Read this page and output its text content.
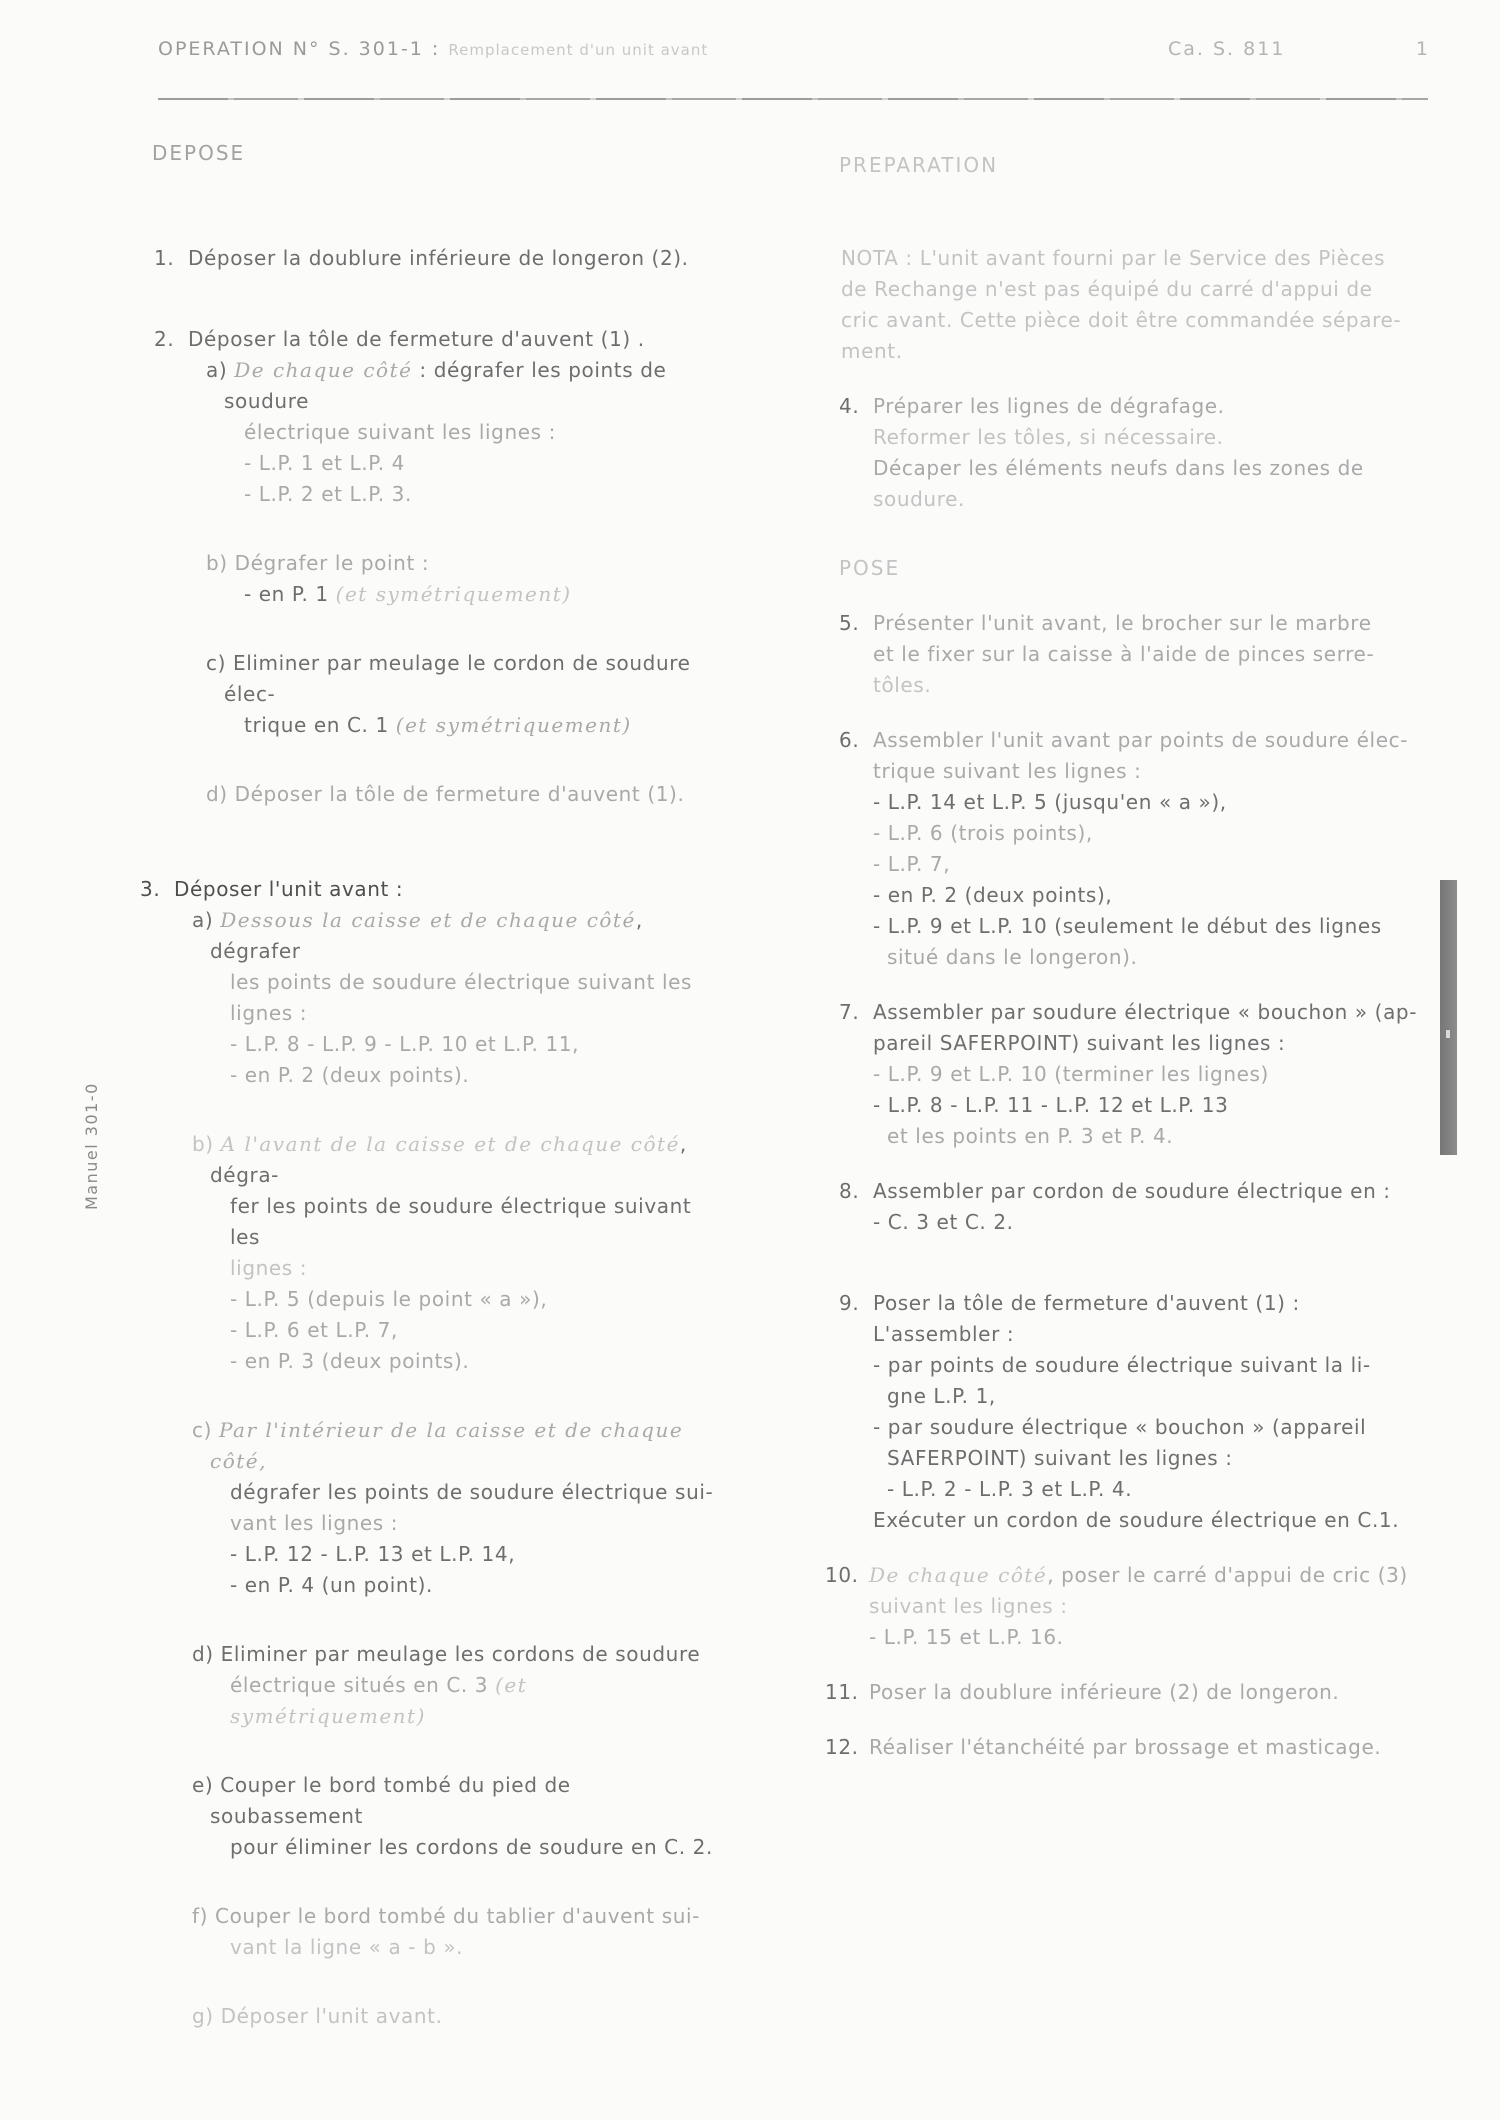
OPERATION N° S. 301-1 : Remplacement d'un unit avant	Ca. S. 811	1
Manuel 301-0

DEPOSE

1. Déposer la doublure inférieure de longeron (2).

2. Déposer la tôle de fermeture d'auvent (1) .

a) De chaque côté : dégrafer les points de soudure

électrique suivant les lignes :

- L.P. 1 et L.P. 4

- L.P. 2 et L.P. 3.

b) Dégrafer le point :

- en P. 1 (et symétriquement)

c) Eliminer par meulage le cordon de soudure élec-

trique en C. 1 (et symétriquement)

d) Déposer la tôle de fermeture d'auvent (1).

3. Déposer l'unit avant :

a) Dessous la caisse et de chaque côté, dégrafer

les points de soudure électrique suivant les

lignes :

- L.P. 8 - L.P. 9 - L.P. 10 et L.P. 11,

- en P. 2 (deux points).

b) A l'avant de la caisse et de chaque côté, dégra-

fer les points de soudure électrique suivant les

lignes :

- L.P. 5 (depuis le point « a »),

- L.P. 6 et L.P. 7,

- en P. 3 (deux points).

c) Par l'intérieur de la caisse et de chaque côté,

dégrafer les points de soudure électrique sui-

vant les lignes :

- L.P. 12 - L.P. 13 et L.P. 14,

- en P. 4 (un point).

d) Eliminer par meulage les cordons de soudure

électrique situés en C. 3 (et symétriquement)

e) Couper le bord tombé du pied de soubassement

pour éliminer les cordons de soudure en C. 2.

f) Couper le bord tombé du tablier d'auvent sui-

vant la ligne « a - b ».

g) Déposer l'unit avant.

PREPARATION

NOTA : L'unit avant fourni par le Service des Pièces

de Rechange n'est pas équipé du carré d'appui de

cric avant. Cette pièce doit être commandée sépare-

ment.

4. Préparer les lignes de dégrafage.

Reformer les tôles, si nécessaire.

Décaper les éléments neufs dans les zones de

soudure.

POSE

5. Présenter l'unit avant, le brocher sur le marbre

et le fixer sur la caisse à l'aide de pinces serre-

tôles.

6. Assembler l'unit avant par points de soudure élec-

trique suivant les lignes :

- L.P. 14 et L.P. 5 (jusqu'en « a »),

- L.P. 6 (trois points),

- L.P. 7,

- en P. 2 (deux points),

- L.P. 9 et L.P. 10 (seulement le début des lignes

situé dans le longeron).

7. Assembler par soudure électrique « bouchon » (ap-

pareil SAFERPOINT) suivant les lignes :

- L.P. 9 et L.P. 10 (terminer les lignes)

- L.P. 8 - L.P. 11 - L.P. 12 et L.P. 13

et les points en P. 3 et P. 4.

8. Assembler par cordon de soudure électrique en :

- C. 3 et C. 2.

9. Poser la tôle de fermeture d'auvent (1) :

L'assembler :

- par points de soudure électrique suivant la li-

gne L.P. 1,

- par soudure électrique « bouchon » (appareil

SAFERPOINT) suivant les lignes :

- L.P. 2 - L.P. 3 et L.P. 4.

Exécuter un cordon de soudure électrique en C.1.

10. De chaque côté, poser le carré d'appui de cric (3)

suivant les lignes :

- L.P. 15 et L.P. 16.

11. Poser la doublure inférieure (2) de longeron.

12. Réaliser l'étanchéité par brossage et masticage.
